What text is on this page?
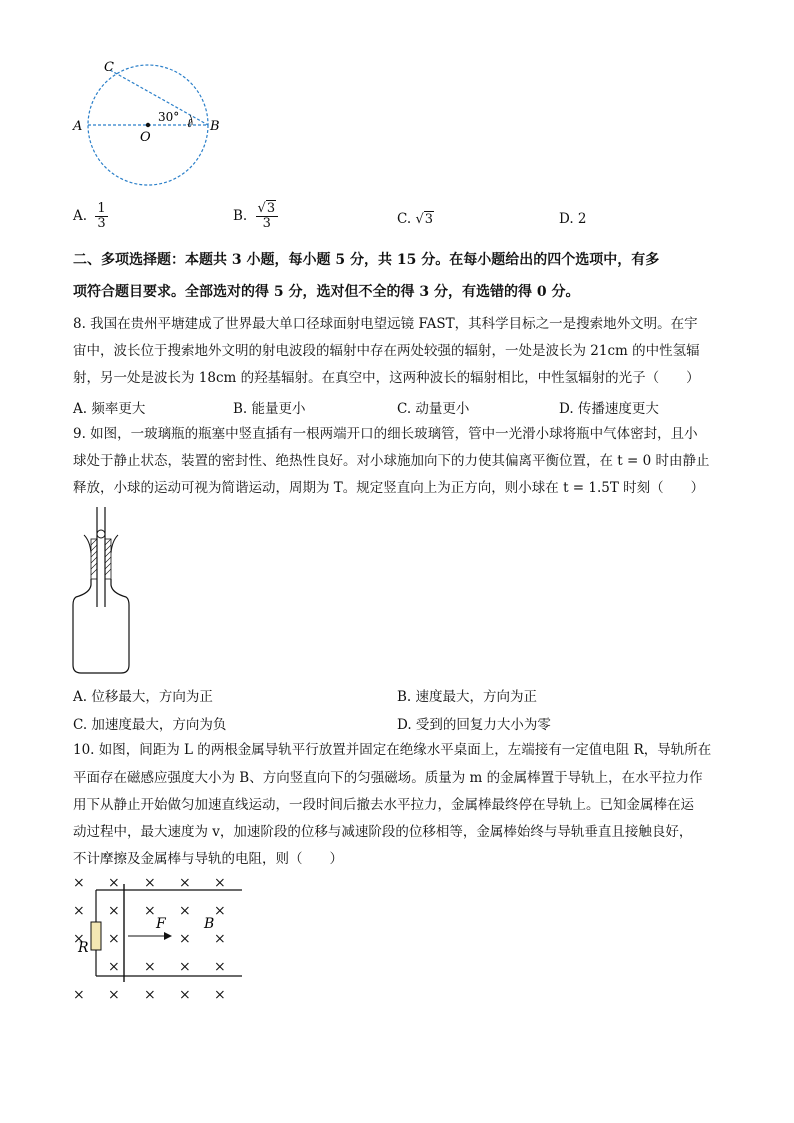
C
A
O
30° ℓ B
A. $\frac{1}{3}$	B. $\frac{√3}{3}$	C. √3	D. 2
二、多项选择题：本题共 3 小题，每小题 5 分，共 15 分。在每小题给出的四个选项中，有多
项符合题目要求。全部选对的得 5 分，选对但不全的得 3 分，有选错的得 0 分。
8. 我国在贵州平塘建成了世界最大单口径球面射电望远镜 FAST，其科学目标之一是搜索地外文明。在宇
宙中，波长位于搜索地外文明的射电波段的辐射中存在两处较强的辐射，一处是波长为 21cm 的中性氢辐
射，另一处是波长为 18cm 的羟基辐射。在真空中，这两种波长的辐射相比，中性氢辐射的光子（　　）
A. 频率更大	B. 能量更小	C. 动量更小	D. 传播速度更大
9. 如图，一玻璃瓶的瓶塞中竖直插有一根两端开口的细长玻璃管，管中一光滑小球将瓶中气体密封，且小
球处于静止状态，装置的密封性、绝热性良好。对小球施加向下的力使其偏离平衡位置，在 t = 0 时由静止
释放，小球的运动可视为简谐运动，周期为 T。规定竖直向上为正方向，则小球在 t = 1.5T 时刻（　　）
A. 位移最大，方向为正	B. 速度最大，方向为正
C. 加速度最大，方向为负	D. 受到的回复力大小为零
10. 如图，间距为 L 的两根金属导轨平行放置并固定在绝缘水平桌面上，左端接有一定值电阻 R，导轨所在
平面存在磁感应强度大小为 B、方向竖直向下的匀强磁场。质量为 m 的金属棒置于导轨上，在水平拉力作
用下从静止开始做匀加速直线运动，一段时间后撤去水平拉力，金属棒最终停在导轨上。已知金属棒在运
动过程中，最大速度为 v，加速阶段的位移与减速阶段的位移相等，金属棒始终与导轨垂直且接触良好，
不计摩擦及金属棒与导轨的电阻，则（　　）
× × × × ×
× × × × ×
× ×	× ×
× × × ×
× × × × ×
R
F	B
